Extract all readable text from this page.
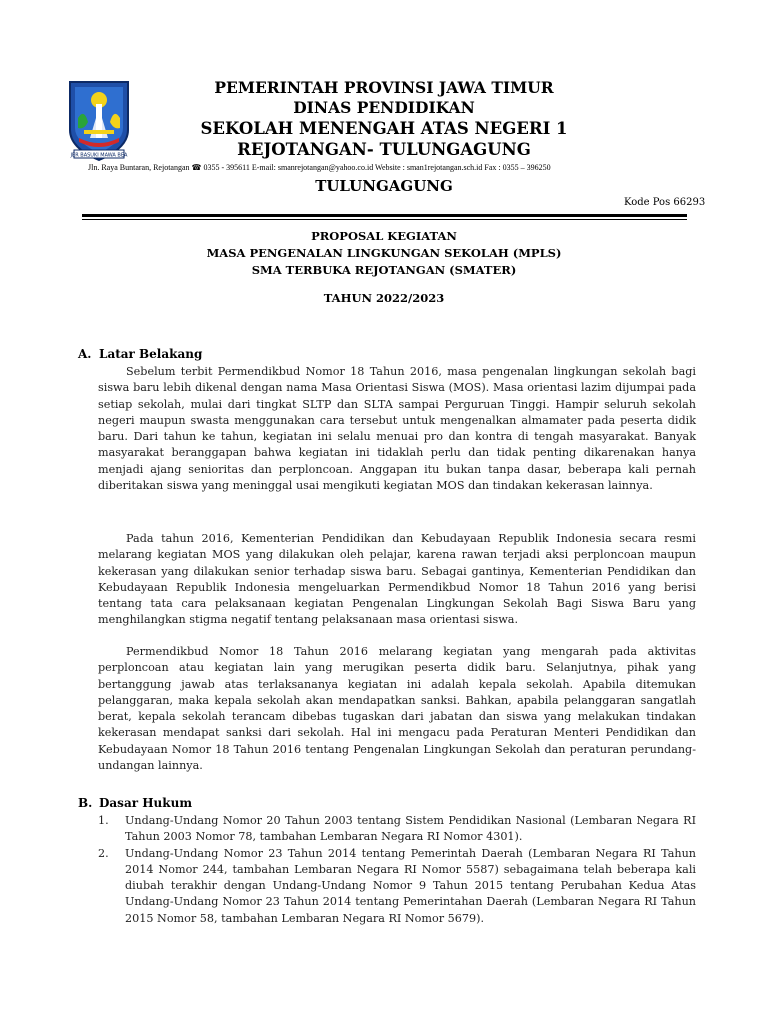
JER BASUKI MAWA BEA
PEMERINTAH PROVINSI JAWA TIMUR
DINAS PENDIDIKAN
SEKOLAH MENENGAH ATAS NEGERI 1
REJOTANGAN- TULUNGAGUNG
Jln. Raya Buntaran, Rejotangan ☎ 0355 - 395611 E-mail: smanrejotangan@yahoo.co.id Website : sman1rejotangan.sch.id Fax : 0355 – 396250
TULUNGAGUNG
Kode Pos 66293
PROPOSAL KEGIATAN
MASA PENGENALAN LINGKUNGAN SEKOLAH (MPLS)
SMA TERBUKA REJOTANGAN (SMATER)
TAHUN 2022/2023
A. Latar Belakang

Sebelum terbit Permendikbud Nomor 18 Tahun 2016, masa pengenalan lingkungan sekolah bagi siswa baru lebih dikenal dengan nama Masa Orientasi Siswa (MOS). Masa orientasi lazim dijumpai pada setiap sekolah, mulai dari tingkat SLTP dan SLTA sampai Perguruan Tinggi. Hampir seluruh sekolah negeri maupun swasta menggunakan cara tersebut untuk mengenalkan almamater pada peserta didik baru. Dari tahun ke tahun, kegiatan ini selalu menuai pro dan kontra di tengah masyarakat. Banyak masyarakat beranggapan bahwa kegiatan ini tidaklah perlu dan tidak penting dikarenakan hanya menjadi ajang senioritas dan perploncoan. Anggapan itu bukan tanpa dasar, beberapa kali pernah diberitakan siswa yang meninggal usai mengikuti kegiatan MOS dan tindakan kekerasan lainnya.

Pada tahun 2016, Kementerian Pendidikan dan Kebudayaan Republik Indonesia secara resmi melarang kegiatan MOS yang dilakukan oleh pelajar, karena rawan terjadi aksi perploncoan maupun kekerasan yang dilakukan senior terhadap siswa baru. Sebagai gantinya, Kementerian Pendidikan dan Kebudayaan Republik Indonesia mengeluarkan Permendikbud Nomor 18 Tahun 2016 yang berisi tentang tata cara pelaksanaan kegiatan Pengenalan Lingkungan Sekolah Bagi Siswa Baru yang menghilangkan stigma negatif tentang pelaksanaan masa orientasi siswa.

Permendikbud Nomor 18 Tahun 2016 melarang kegiatan yang mengarah pada aktivitas perploncoan atau kegiatan lain yang merugikan peserta didik baru. Selanjutnya, pihak yang bertanggung jawab atas terlaksananya kegiatan ini adalah kepala sekolah. Apabila ditemukan pelanggaran, maka kepala sekolah akan mendapatkan sanksi. Bahkan, apabila pelanggaran sangatlah berat, kepala sekolah terancam dibebas tugaskan dari jabatan dan siswa yang melakukan tindakan kekerasan mendapat sanksi dari sekolah. Hal ini mengacu pada Peraturan Menteri Pendidikan dan Kebudayaan Nomor 18 Tahun 2016 tentang Pengenalan Lingkungan Sekolah dan peraturan perundang-undangan lainnya.

B. Dasar Hukum
1. Undang-Undang Nomor 20 Tahun 2003 tentang Sistem Pendidikan Nasional (Lembaran Negara RI Tahun 2003 Nomor 78, tambahan Lembaran Negara RI Nomor 4301).
2. Undang-Undang Nomor 23 Tahun 2014 tentang Pemerintah Daerah (Lembaran Negara RI Tahun 2014 Nomor 244, tambahan Lembaran Negara RI Nomor 5587) sebagaimana telah beberapa kali diubah terakhir dengan Undang-Undang Nomor 9 Tahun 2015 tentang Perubahan Kedua Atas Undang-Undang Nomor 23 Tahun 2014 tentang Pemerintahan Daerah (Lembaran Negara RI Tahun 2015 Nomor 58, tambahan Lembaran Negara RI Nomor 5679).
